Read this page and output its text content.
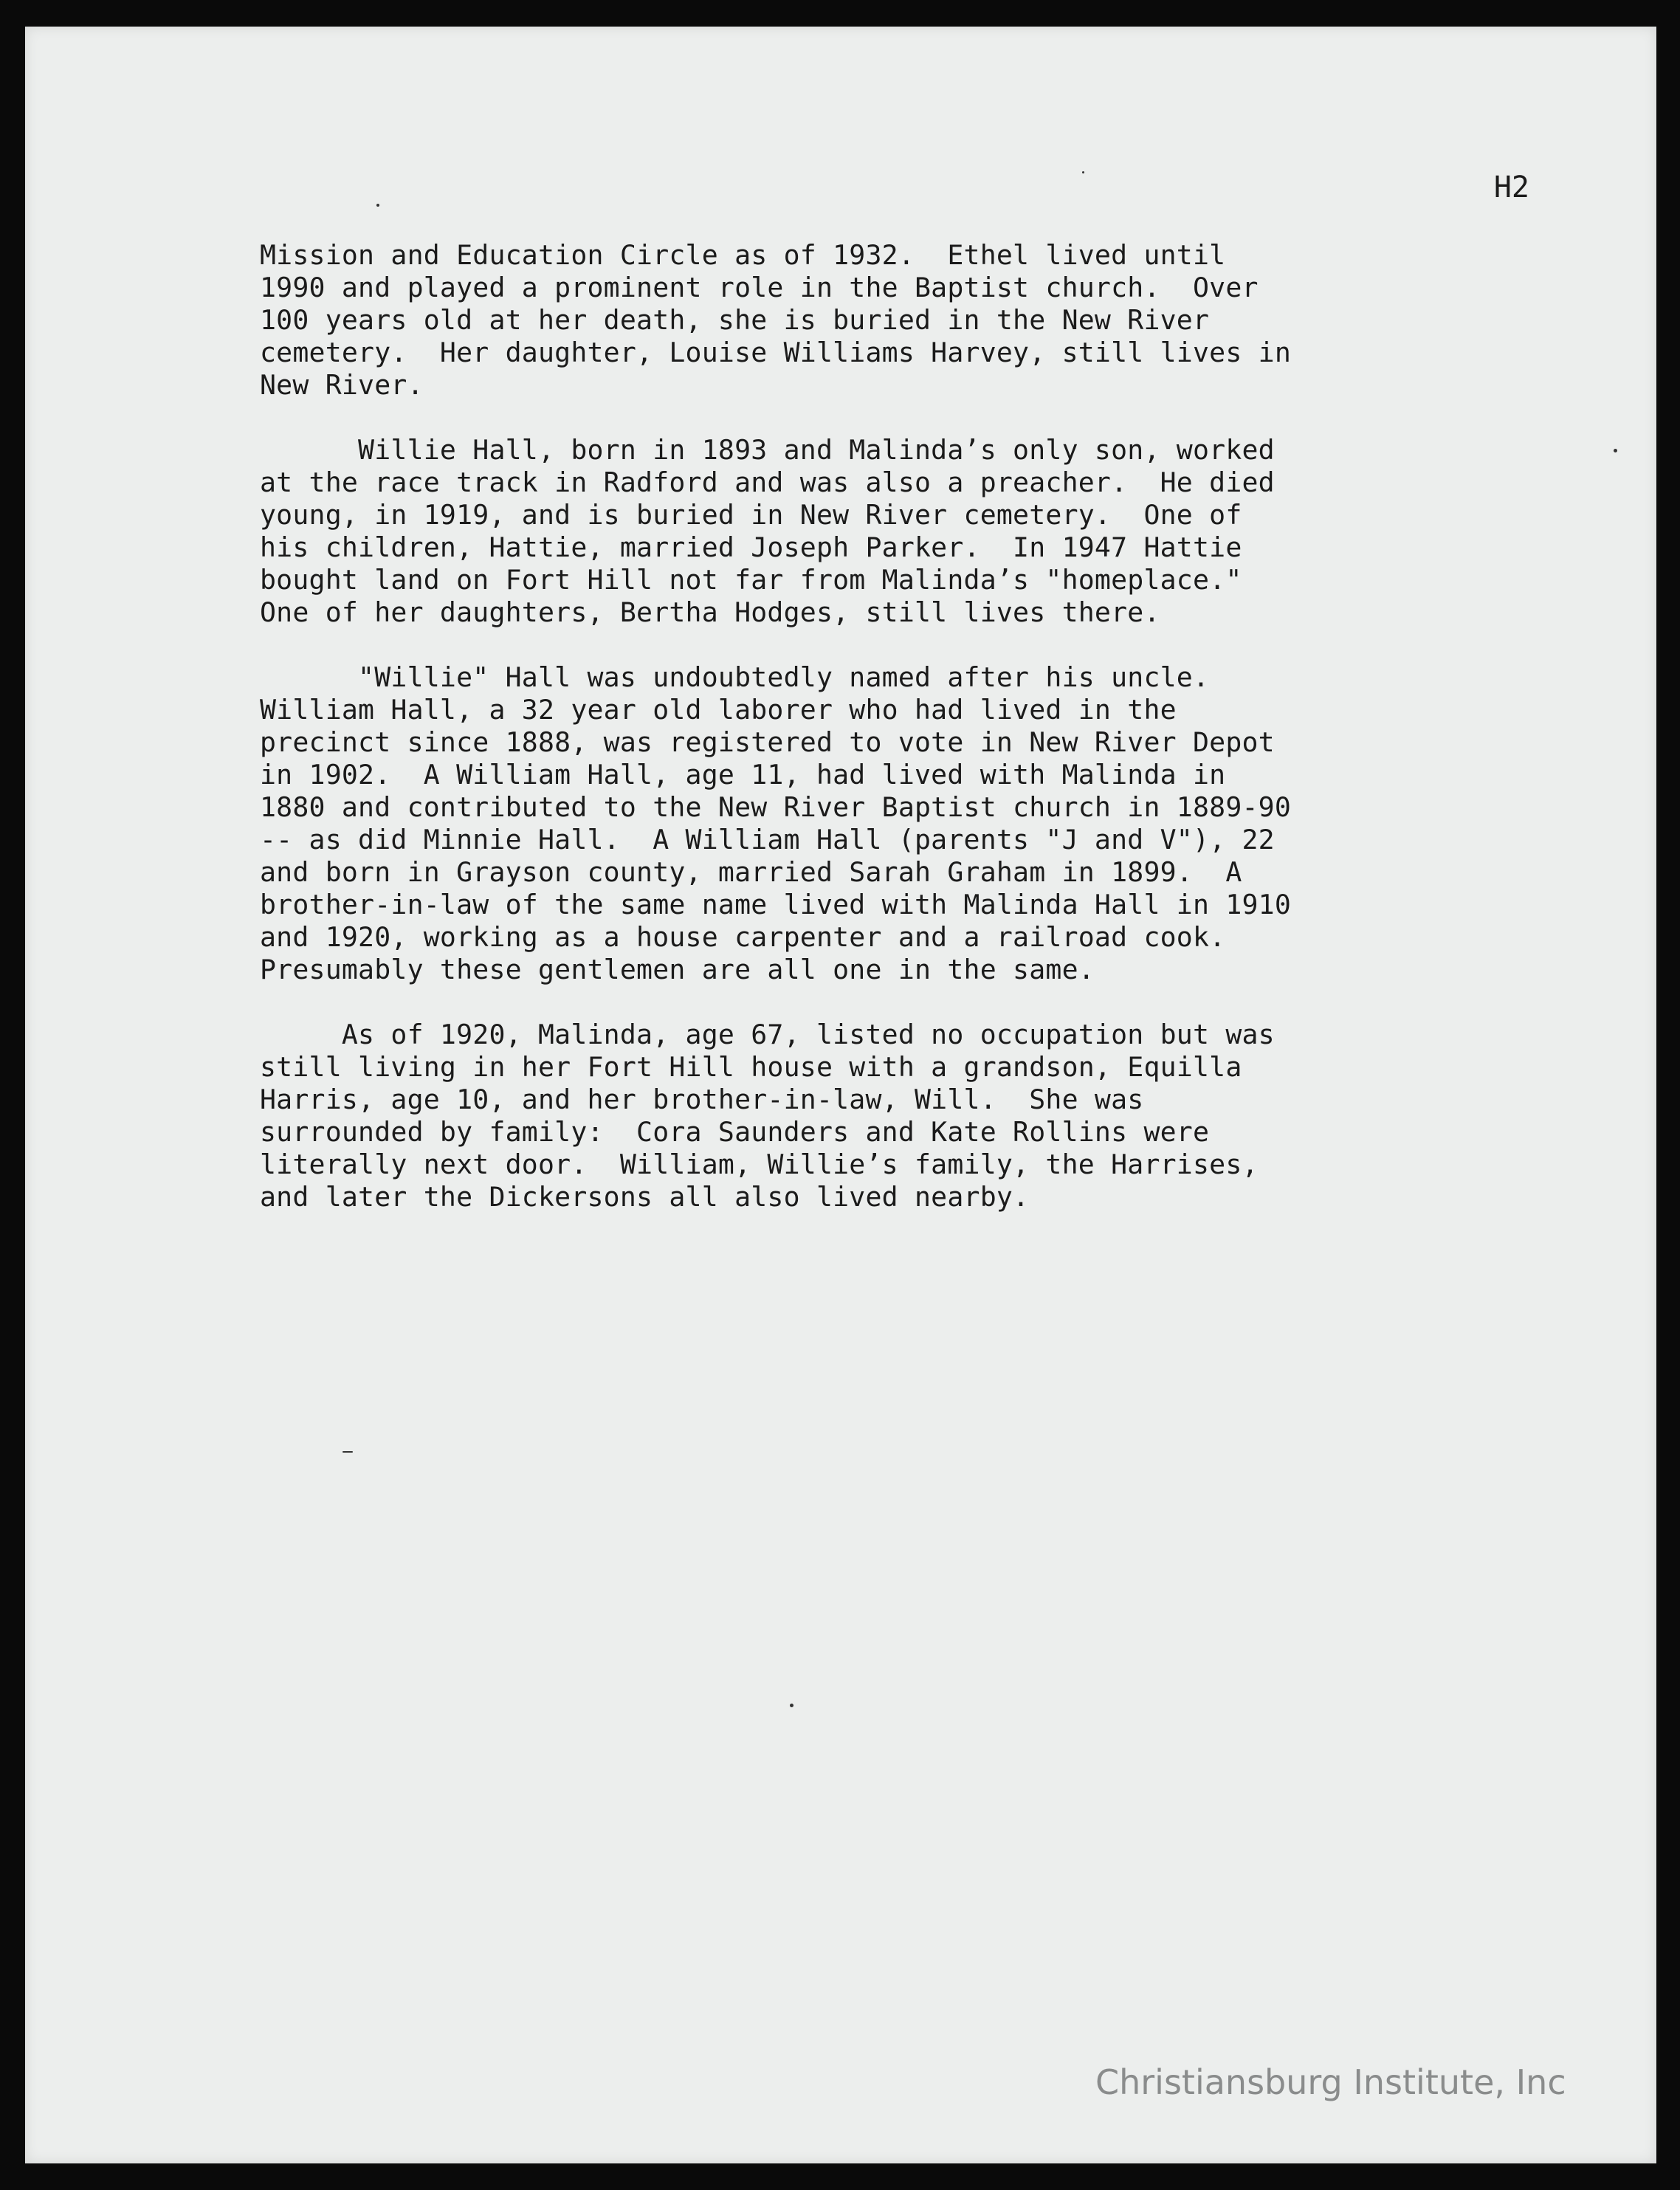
H2
Mission and Education Circle as of 1932.  Ethel lived until
1990 and played a prominent role in the Baptist church.  Over
100 years old at her death, she is buried in the New River
cemetery.  Her daughter, Louise Williams Harvey, still lives in
New River.
Willie Hall, born in 1893 and Malinda’s only son, worked
at the race track in Radford and was also a preacher.  He died
young, in 1919, and is buried in New River cemetery.  One of
his children, Hattie, married Joseph Parker.  In 1947 Hattie
bought land on Fort Hill not far from Malinda’s "homeplace."
One of her daughters, Bertha Hodges, still lives there.
"Willie" Hall was undoubtedly named after his uncle.
William Hall, a 32 year old laborer who had lived in the
precinct since 1888, was registered to vote in New River Depot
in 1902.  A William Hall, age 11, had lived with Malinda in
1880 and contributed to the New River Baptist church in 1889-90
-- as did Minnie Hall.  A William Hall (parents "J and V"), 22
and born in Grayson county, married Sarah Graham in 1899.  A
brother-in-law of the same name lived with Malinda Hall in 1910
and 1920, working as a house carpenter and a railroad cook.
Presumably these gentlemen are all one in the same.
As of 1920, Malinda, age 67, listed no occupation but was
still living in her Fort Hill house with a grandson, Equilla
Harris, age 10, and her brother-in-law, Will.  She was
surrounded by family:  Cora Saunders and Kate Rollins were
literally next door.  William, Willie’s family, the Harrises,
and later the Dickersons all also lived nearby.
Christiansburg Institute, Inc
